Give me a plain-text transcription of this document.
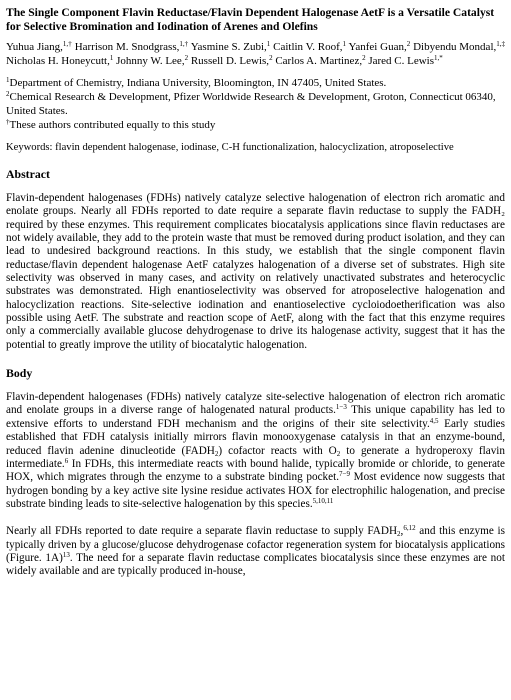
The Single Component Flavin Reductase/Flavin Dependent Halogenase AetF is a Versatile Catalyst for Selective Bromination and Iodination of Arenes and Olefins
Yuhua Jiang,$^{1,\dagger}$ Harrison M. Snodgrass,$^{1,\dagger}$ Yasmine S. Zubi,$^1$ Caitlin V. Roof,$^1$ Yanfei Guan,$^2$ Dibyendu Mondal,$^{1,\ddagger}$ Nicholas H. Honeycutt,$^1$ Johnny W. Lee,$^2$ Russell D. Lewis,$^2$ Carlos A. Martinez,$^2$ Jared C. Lewis$^{1,*}$
$^1$Department of Chemistry, Indiana University, Bloomington, IN 47405, United States.
$^2$Chemical Research & Development, Pfizer Worldwide Research & Development, Groton, Connecticut 06340, United States.
†These authors contributed equally to this study
Keywords: flavin dependent halogenase, iodinase, C-H functionalization, halocyclization, atroposelective
Abstract

Flavin-dependent halogenases (FDHs) natively catalyze selective halogenation of electron rich aromatic and enolate groups. Nearly all FDHs reported to date require a separate flavin reductase to supply the FADH₂ required by these enzymes. This requirement complicates biocatalysis applications since flavin reductases are not widely available, they add to the protein waste that must be removed during product isolation, and they can lead to undesired background reactions. In this study, we establish that the single component flavin reductase/flavin dependent halogenase AetF catalyzes halogenation of a diverse set of substrates. High site selectivity was observed in many cases, and activity on relatively unactivated substrates and heterocyclic substrates was demonstrated. High enantioselectivity was observed for atroposelective halogenation and halocyclization reactions. Site-selective iodination and enantioselective cycloiodoetherification was also possible using AetF. The substrate and reaction scope of AetF, along with the fact that this enzyme requires only a commercially available glucose dehydrogenase to drive its halogenase activity, suggest that it has the potential to greatly improve the utility of biocatalytic halogenation.

Body

Flavin-dependent halogenases (FDHs) natively catalyze site-selective halogenation of electron rich aromatic and enolate groups in a diverse range of halogenated natural products.$^{1-3}$ This unique capability has led to extensive efforts to understand FDH mechanism and the origins of their site selectivity.$^{4,5}$ Early studies established that FDH catalysis initially mirrors flavin monooxygenase catalysis in that an enzyme-bound, reduced flavin adenine dinucleotide $(FADH_2)$ cofactor reacts with $O_2$ to generate a hydroperoxy flavin intermediate.$^6$ In FDHs, this intermediate reacts with bound halide, typically bromide or chloride, to generate HOX, which migrates through the enzyme to a substrate binding pocket.$^{7-9}$ Most evidence now suggests that hydrogen bonding by a key active site lysine residue activates HOX for electrophilic halogenation, and precise substrate binding leads to site-selective halogenation by this species.$^{5,10,11}$

Nearly all FDHs reported to date require a separate flavin reductase to supply $FADH_2,^{6,12}$ and this enzyme is typically driven by a glucose/glucose dehydrogenase cofactor regeneration system for biocatalysis applications (Figure. 1A)$^{13}$. The need for a separate flavin reductase complicates biocatalysis since these enzymes are not widely available and are typically produced in-house,
